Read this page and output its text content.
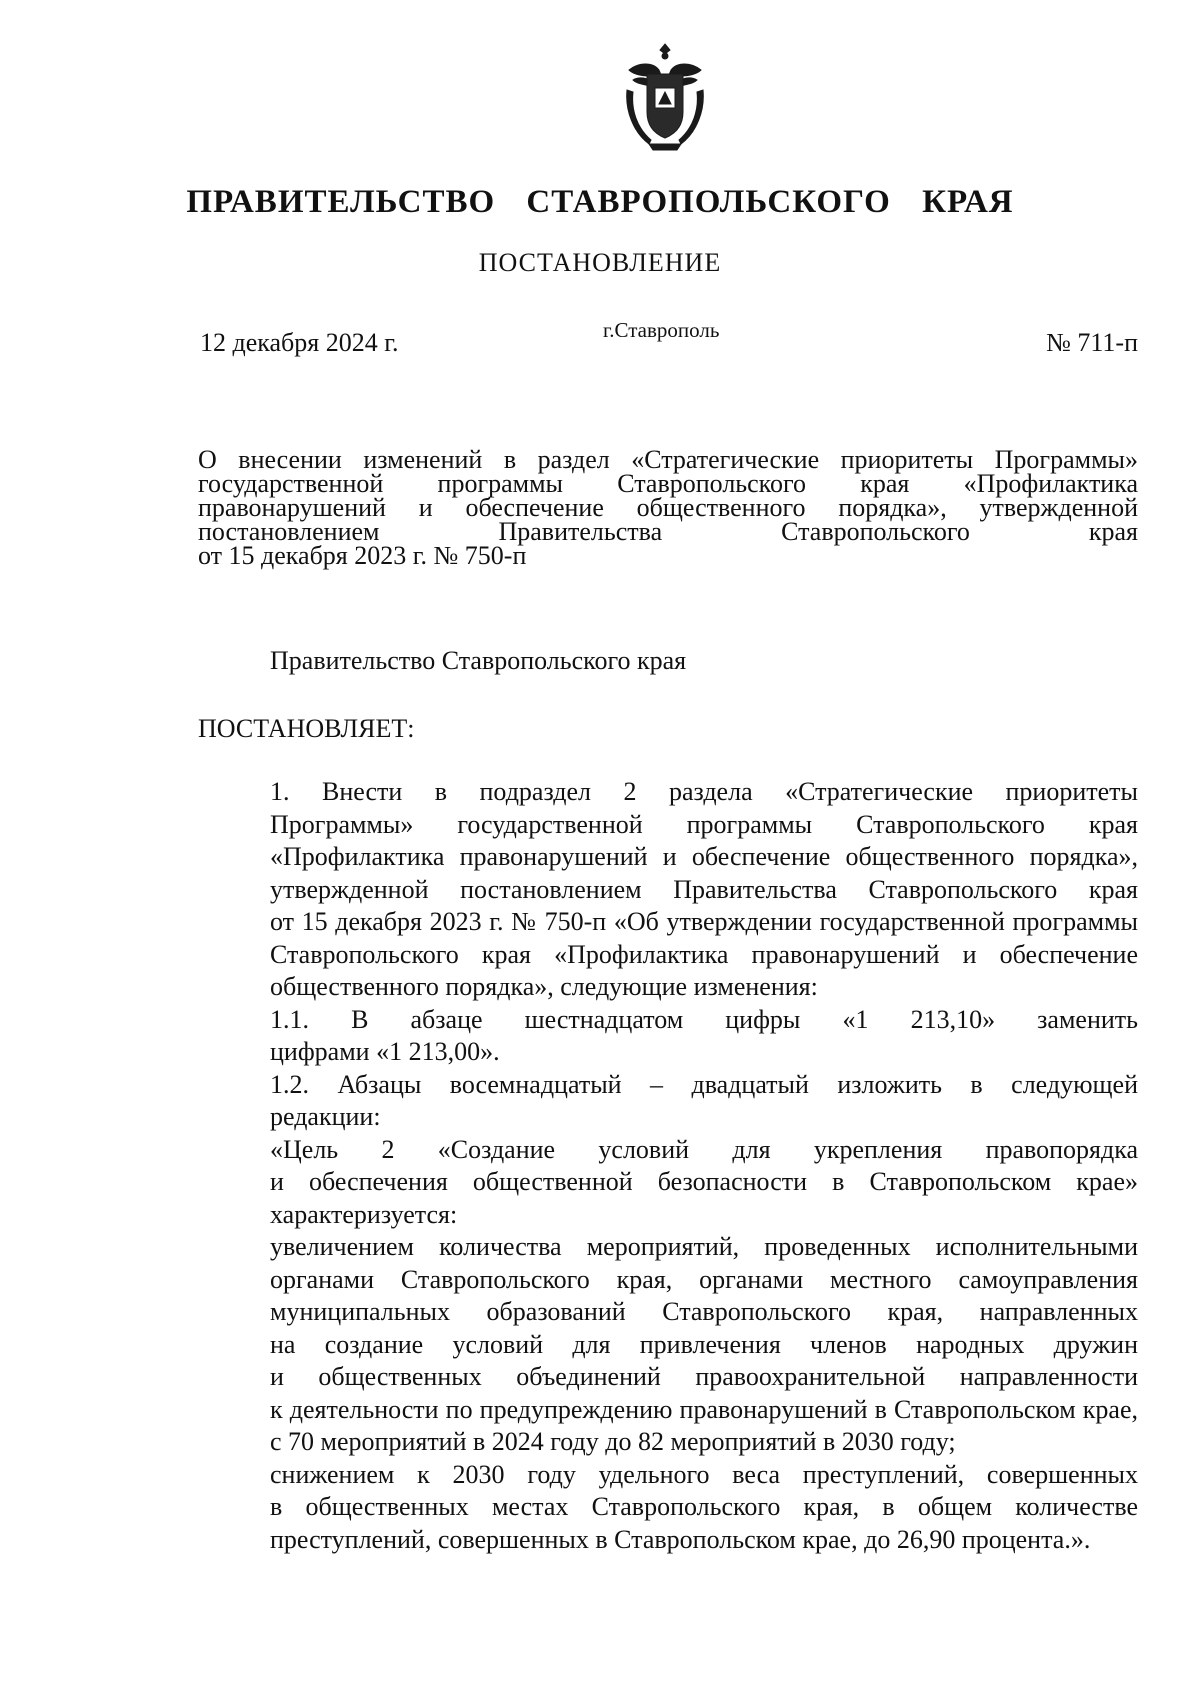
ПРАВИТЕЛЬСТВО СТАВРОПОЛЬСКОГО КРАЯ
ПОСТАНОВЛЕНИЕ
12 декабря 2024 г.	г.Ставрополь	№ 711-п
О внесении изменений в раздел «Стратегические приоритеты Программы»
государственной программы Ставропольского края «Профилактика
правонарушений и обеспечение общественного порядка», утвержденной
постановлением Правительства Ставропольского края
от 15 декабря 2023 г. № 750-п
Правительство Ставропольского края
ПОСТАНОВЛЯЕТ:

1. Внести в подраздел 2 раздела «Стратегические приоритеты
Программы» государственной программы Ставропольского края
«Профилактика правонарушений и обеспечение общественного порядка»,
утвержденной постановлением Правительства Ставропольского края
от 15 декабря 2023 г. № 750-п «Об утверждении государственной программы
Ставропольского края «Профилактика правонарушений и обеспечение
общественного порядка», следующие изменения:

1.1. В абзаце шестнадцатом цифры «1 213,10» заменить
цифрами «1 213,00».

1.2. Абзацы восемнадцатый – двадцатый изложить в следующей
редакции:

«Цель 2 «Создание условий для укрепления правопорядка
и обеспечения общественной безопасности в Ставропольском крае»
характеризуется:

увеличением количества мероприятий, проведенных исполнительными
органами Ставропольского края, органами местного самоуправления
муниципальных образований Ставропольского края, направленных
на создание условий для привлечения членов народных дружин
и общественных объединений правоохранительной направленности
к деятельности по предупреждению правонарушений в Ставропольском крае,
с 70 мероприятий в 2024 году до 82 мероприятий в 2030 году;

снижением к 2030 году удельного веса преступлений, совершенных
в общественных местах Ставропольского края, в общем количестве
преступлений, совершенных в Ставропольском крае, до 26,90 процента.».
